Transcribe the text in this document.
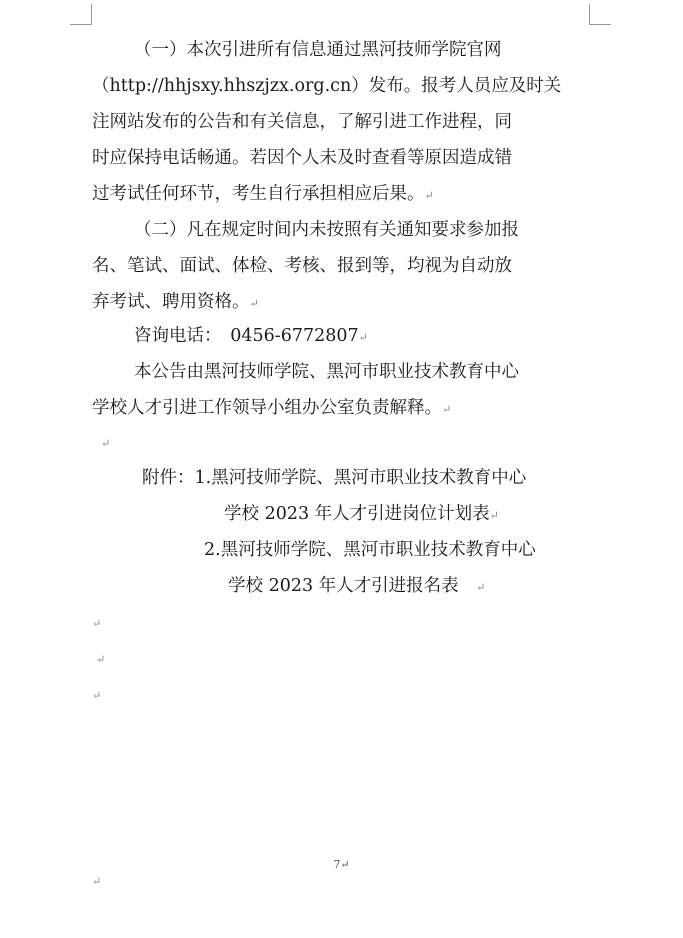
（一）本次引进所有信息通过黑河技师学院官网
（http://hhjsxy.hhszjzx.org.cn）发布。报考人员应及时关
注网站发布的公告和有关信息，了解引进工作进程，同
时应保持电话畅通。若因个人未及时查看等原因造成错
过考试任何环节，考生自行承担相应后果。↵
（二）凡在规定时间内未按照有关通知要求参加报
名、笔试、面试、体检、考核、报到等，均视为自动放
弃考试、聘用资格。↵
咨询电话：　0456-6772807↵
本公告由黑河技师学院、黑河市职业技术教育中心
学校人才引进工作领导小组办公室负责解释。↵
↵
附件：1.黑河技师学院、黑河市职业技术教育中心
学校 2023 年人才引进岗位计划表↵
2.黑河技师学院、黑河市职业技术教育中心
学校 2023 年人才引进报名表　↵
↵
↵
↵
7↵
↵
